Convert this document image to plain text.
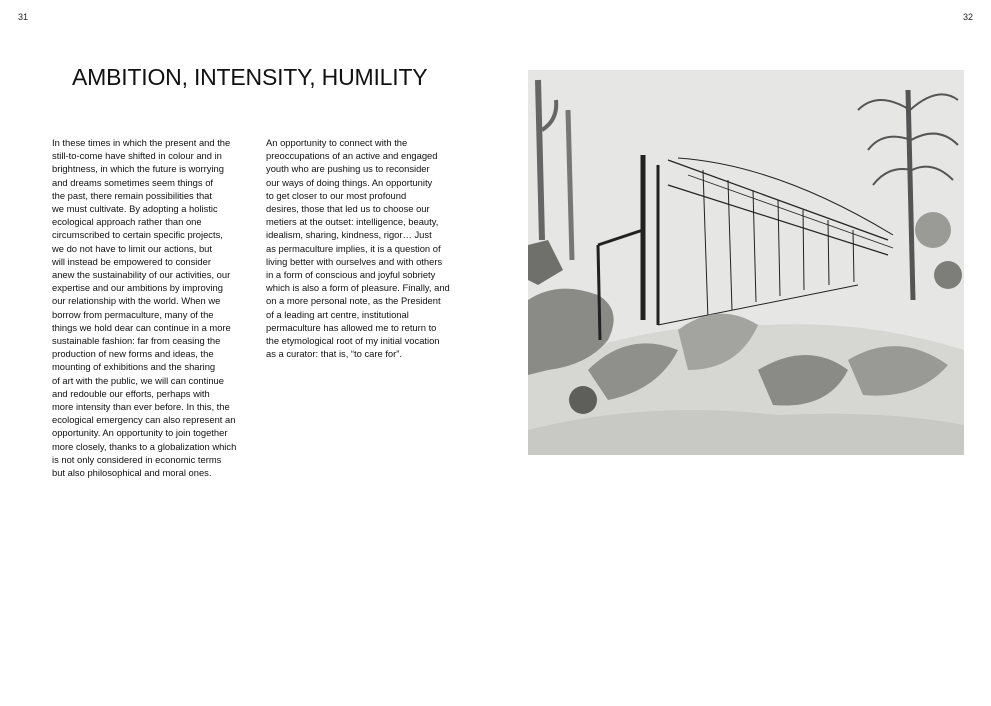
31	32
AMBITION, INTENSITY, HUMILITY

In these times in which the present and the
still-to-come have shifted in colour and in
brightness, in which the future is worrying
and dreams sometimes seem things of
the past, there remain possibilities that
we must cultivate. By adopting a holistic
ecological approach rather than one
circumscribed to certain specific projects,
we do not have to limit our actions, but
will instead be empowered to consider
anew the sustainability of our activities, our
expertise and our ambitions by improving
our relationship with the world. When we
borrow from permaculture, many of the
things we hold dear can continue in a more
sustainable fashion: far from ceasing the
production of new forms and ideas, the
mounting of exhibitions and the sharing
of art with the public, we will can continue
and redouble our efforts, perhaps with
more intensity than ever before. In this, the
ecological emergency can also represent an
opportunity. An opportunity to join together
more closely, thanks to a globalization which
is not only considered in economic terms
but also philosophical and moral ones.

An opportunity to connect with the
preoccupations of an active and engaged
youth who are pushing us to reconsider
our ways of doing things. An opportunity
to get closer to our most profound
desires, those that led us to choose our
metiers at the outset: intelligence, beauty,
idealism, sharing, kindness, rigor… Just
as permaculture implies, it is a question of
living better with ourselves and with others
in a form of conscious and joyful sobriety
which is also a form of pleasure. Finally, and
on a more personal note, as the President
of a leading art centre, institutional
permaculture has allowed me to return to
the etymological root of my initial vocation
as a curator: that is, “to care for”.
